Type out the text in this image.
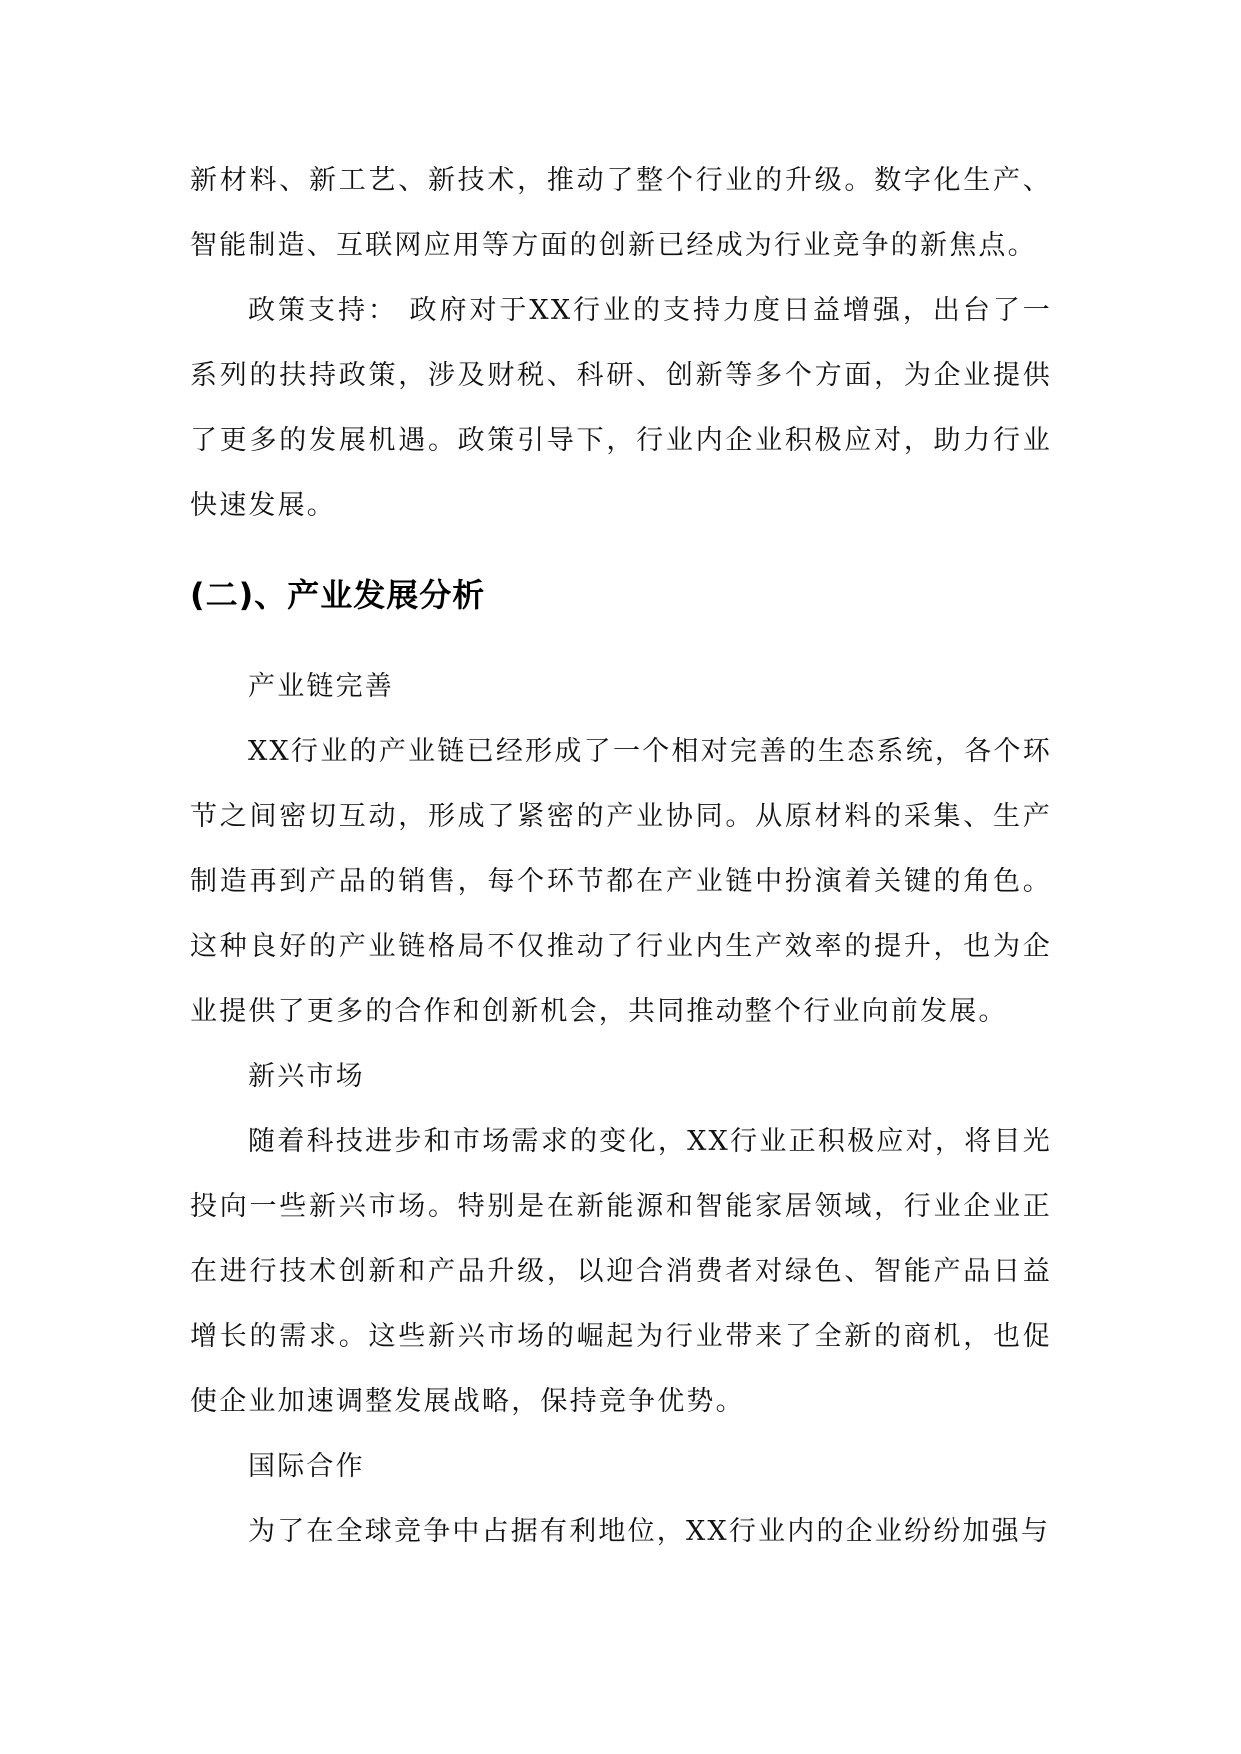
新材料、新工艺、新技术，推动了整个行业的升级。数字化生产、智能制造、互联网应用等方面的创新已经成为行业竞争的新焦点。

政策支持： 政府对于XX行业的支持力度日益增强，出台了一系列的扶持政策，涉及财税、科研、创新等多个方面，为企业提供了更多的发展机遇。政策引导下，行业内企业积极应对，助力行业快速发展。

(二)、产业发展分析

产业链完善

XX行业的产业链已经形成了一个相对完善的生态系统，各个环节之间密切互动，形成了紧密的产业协同。从原材料的采集、生产制造再到产品的销售，每个环节都在产业链中扮演着关键的角色。这种良好的产业链格局不仅推动了行业内生产效率的提升，也为企业提供了更多的合作和创新机会，共同推动整个行业向前发展。

新兴市场

随着科技进步和市场需求的变化，XX行业正积极应对，将目光投向一些新兴市场。特别是在新能源和智能家居领域，行业企业正在进行技术创新和产品升级，以迎合消费者对绿色、智能产品日益增长的需求。这些新兴市场的崛起为行业带来了全新的商机，也促使企业加速调整发展战略，保持竞争优势。

国际合作

为了在全球竞争中占据有利地位，XX行业内的企业纷纷加强与
